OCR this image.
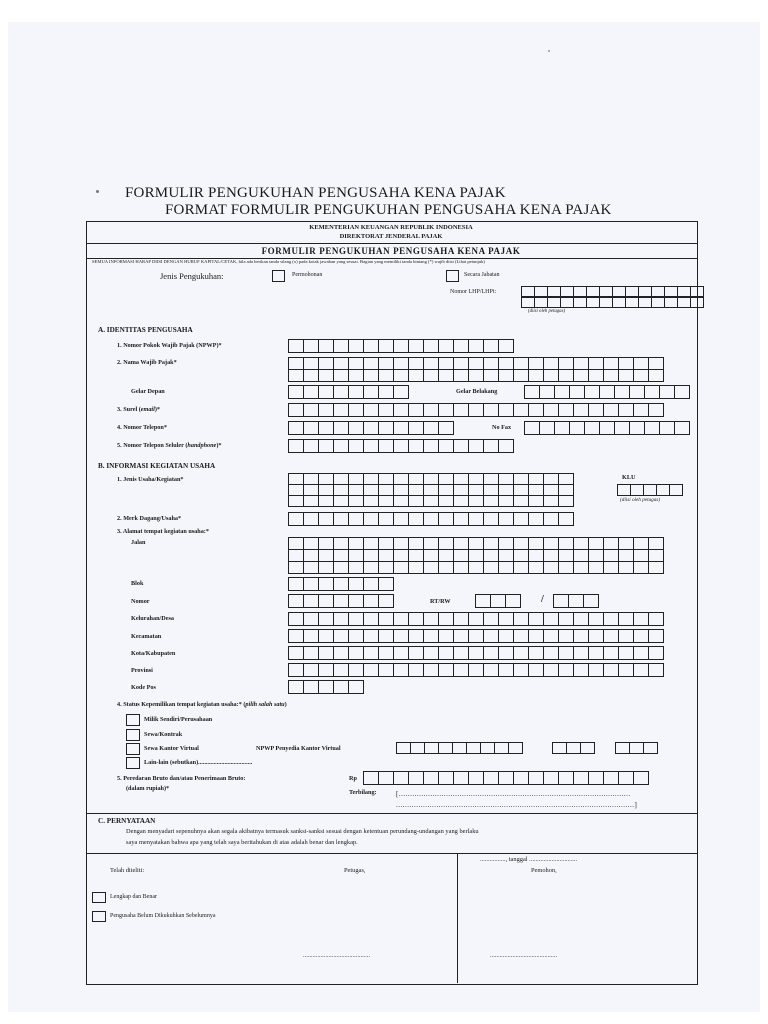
FORMULIR PENGUKUHAN PENGUSAHA KENA PAJAK
FORMAT FORMULIR PENGUKUHAN PENGUSAHA KENA PAJAK
KEMENTERIAN KEUANGAN REPUBLIK INDONESIA
DIREKTORAT JENDERAL PAJAK
FORMULIR PENGUKUHAN PENGUSAHA KENA PAJAK
SEMUA INFORMASI HARAP DIISI DENGAN HURUF KAPITAL/CETAK, bila ada berikan tanda silang (x) pada kotak jawaban yang sesuai. Bagian yang memiliki tanda bintang (*) wajib diisi (Lihat petunjuk)
Jenis Pengukuhan:	Permohonan	Secara Jabatan
Nomor LHP/LHPt:
(diisi oleh petugas)
A. IDENTITAS PENGUSAHA
1. Nomor Pokok Wajib Pajak (NPWP)*
2. Nama Wajib Pajak*
Gelar Depan	Gelar Belakang
3. Surel (email)*
4. Nomor Telepon*	No Fax
5. Nomor Telepon Seluler (handphone)*
B. INFORMASI KEGIATAN USAHA
1. Jenis Usaha/Kegiatan*	KLU
(diisi oleh petugas)
2. Merk Dagang/Usaha*
3. Alamat tempat kegiatan usaha:*
Jalan
Blok
Nomor	RT/RW	/
Kelurahan/Desa
Kecamatan
Kota/Kabupaten
Provinsi
Kode Pos
4. Status Kepemilikan tempat kegiatan usaha:* (pilih salah satu)
Milik Sendiri/Perusahaan
Sewa/Kontrak
Sewa Kantor Virtual	NPWP Penyedia Kantor Virtual
Lain-lain (sebutkan)...................................
5. Peredaran Bruto dan/atau Penerimaan Bruto:
(dalam rupiah)*
Rp
Terbilang:	[.......................................................................................................
..........................................................................................................]
C. PERNYATAAN
Dengan menyadari sepenuhnya akan segala akibatnya termasuk sanksi-sanksi sesuai dengan ketentuan perundang-undangan yang berlaku
saya menyatakan bahwa apa yang telah saya beritahukan di atas adalah benar dan lengkap.
Telah diteliti:	Petugas,
................, tanggal ..............................
Pemohon,
Lengkap dan Benar
Pengusaha Belum Dikukuhkan Sebelumnya
..........................................	..........................................
